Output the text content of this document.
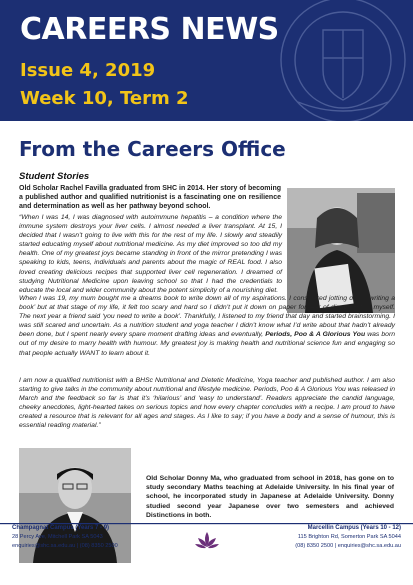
CAREERS NEWS
Issue 4, 2019
Week 10, Term 2
From the Careers Office
Student Stories
Old Scholar Rachel Favilla graduated from SHC in 2014. Her story of becoming a published author and qualified nutritionist is a fascinating one on resilience and determination as well as her pathway beyond school.
“When I was 14, I was diagnosed with autoimmune hepatitis – a condition where the immune system destroys your liver cells. I almost needed a liver transplant. At 15, I decided that I wasn’t going to live with this for the rest of my life. I slowly and steadily started educating myself about nutritional medicine. As my diet improved so too did my health. One of my greatest joys became standing in front of the mirror pretending I was speaking to kids, teens, individuals and parents about the magic of REAL food. I also loved creating delicious recipes that supported liver cell regeneration. I dreamed of studying Nutritional Medicine upon leaving school so that I had the credentials to educate the local and wider community about the potent simplicity of a nourishing diet.
When I was 19, my mum bought me a dreams book to write down all of my aspirations. I considered jotting down ‘writing a book’ but at that stage of my life, it felt too scary and hard so I didn’t put it down on paper for fear of disappointing myself. The next year a friend said ‘you need to write a book’. Thankfully, I listened to my friend that day and started brainstorming. I was still scared and uncertain. As a nutrition student and yoga teacher I didn’t know what I’d write about that hadn’t already been done, but I spent nearly every spare moment drafting ideas and eventually, Periods, Poo & A Glorious You was born out of my desire to marry health with humour. My greatest joy is making health and nutritional science fun and engaging so that people actually WANT to learn about it.
I am now a qualified nutritionist with a BHSc Nutritional and Dietetic Medicine, Yoga teacher and published author. I am also starting to give talks in the community about nutritional and lifestyle medicine. Periods, Poo & A Glorious You was released in March and the feedback so far is that it’s ‘hilarious’ and ‘easy to understand’. Readers appreciate the candid language, cheeky anecdotes, light-hearted takes on serious topics and how every chapter concludes with a recipe. I am proud to have created a resource that is relevant for all ages and stages. As I like to say; if you have a body and a sense of humour, this is essential reading material.”
Old Scholar Donny Ma, who graduated from school in 2018, has gone on to study secondary Maths teaching at Adelaide University. In his final year of school, he incorporated study in Japanese at Adelaide University. Donny studied second year Japanese over two semesters and achieved Distinctions in both.
Champagnat Campus (Years 7 - 9)
28 Percy Ave, Mitchell Park SA 5043
enquiries@shc.sa.edu.au | (08) 8350 2500
Marcellin Campus (Years 10 - 12)
115 Brighton Rd, Somerton Park SA 5044
(08) 8350 2500 | enquiries@shc.sa.edu.au
